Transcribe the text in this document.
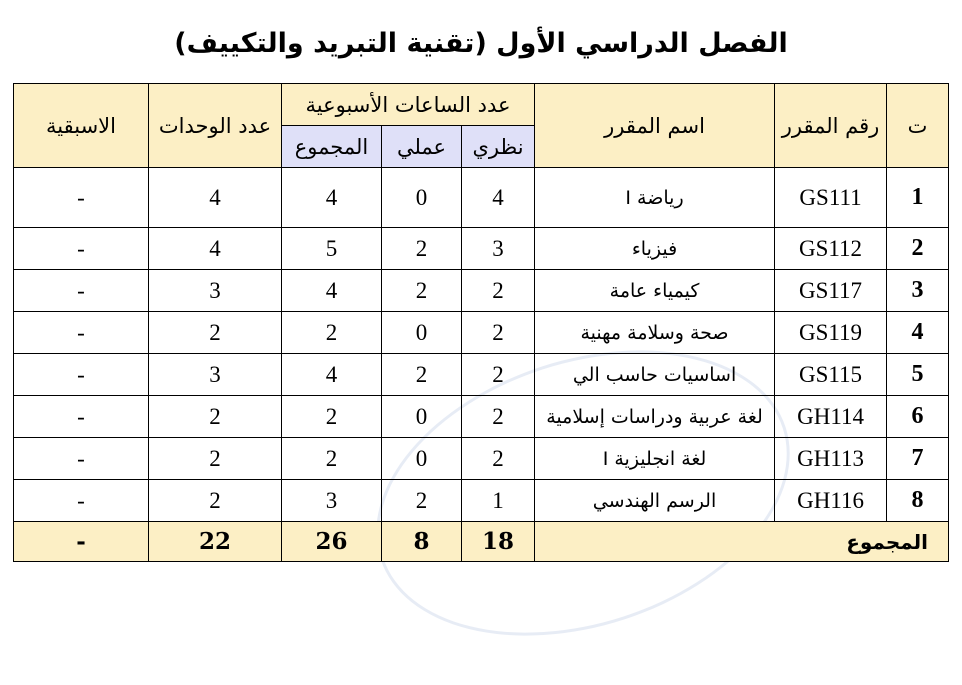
الفصل الدراسي الأول (تقنية التبريد والتكييف)
ت	رقم المقرر	اسم المقرر	عدد الساعات الأسبوعية			عدد الوحدات	الاسبقية
			نظري	عملي	المجموع		
1	GS111	رياضة I	4	0	4	4	-
2	GS112	فيزياء	3	2	5	4	-
3	GS117	كيمياء عامة	2	2	4	3	-
4	GS119	صحة وسلامة مهنية	2	0	2	2	-
5	GS115	اساسيات حاسب الي	2	2	4	3	-
6	GH114	لغة عربية ودراسات إسلامية	2	0	2	2	-
7	GH113	لغة انجليزية I	2	0	2	2	-
8	GH116	الرسم الهندسي	1	2	3	2	-
المجموع			18	8	26	22	-
